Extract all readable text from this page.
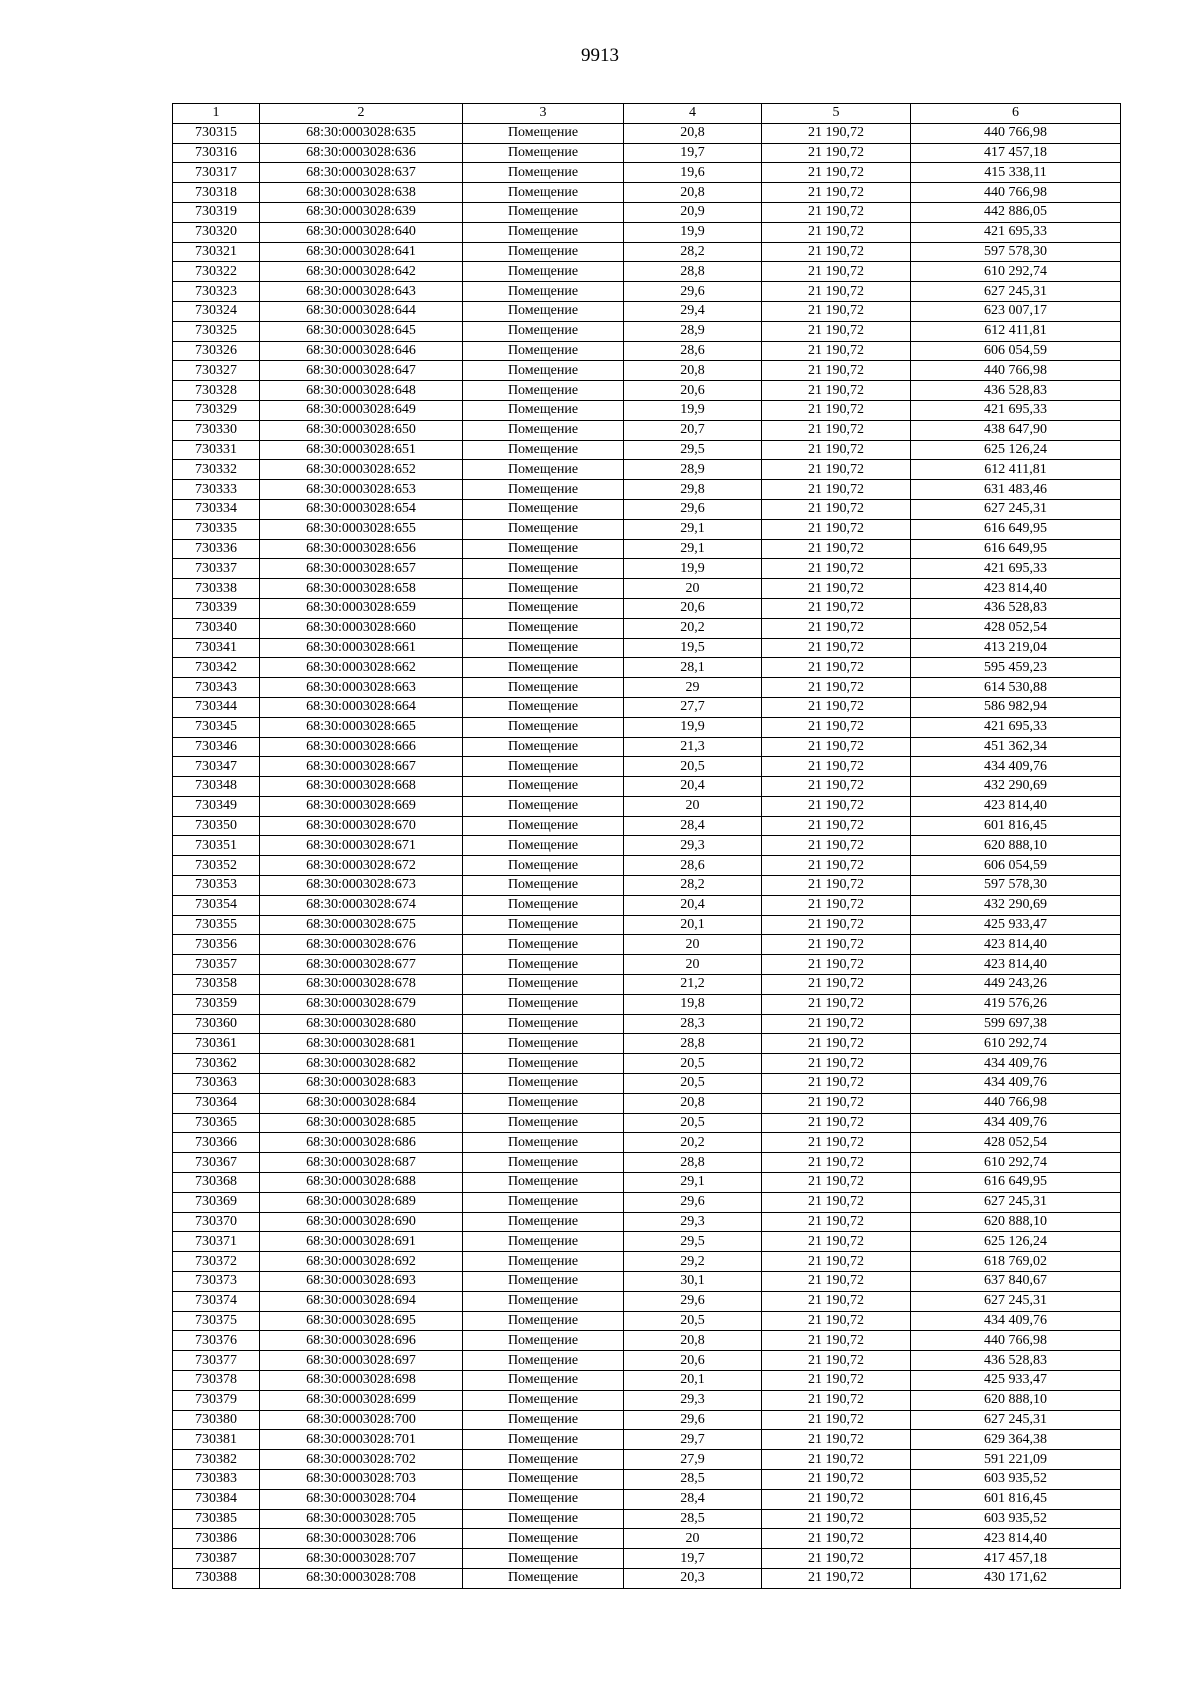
9913
1	2	3	4	5	6
730315	68:30:0003028:635	Помещение	20,8	21 190,72	440 766,98
730316	68:30:0003028:636	Помещение	19,7	21 190,72	417 457,18
730317	68:30:0003028:637	Помещение	19,6	21 190,72	415 338,11
730318	68:30:0003028:638	Помещение	20,8	21 190,72	440 766,98
730319	68:30:0003028:639	Помещение	20,9	21 190,72	442 886,05
730320	68:30:0003028:640	Помещение	19,9	21 190,72	421 695,33
730321	68:30:0003028:641	Помещение	28,2	21 190,72	597 578,30
730322	68:30:0003028:642	Помещение	28,8	21 190,72	610 292,74
730323	68:30:0003028:643	Помещение	29,6	21 190,72	627 245,31
730324	68:30:0003028:644	Помещение	29,4	21 190,72	623 007,17
730325	68:30:0003028:645	Помещение	28,9	21 190,72	612 411,81
730326	68:30:0003028:646	Помещение	28,6	21 190,72	606 054,59
730327	68:30:0003028:647	Помещение	20,8	21 190,72	440 766,98
730328	68:30:0003028:648	Помещение	20,6	21 190,72	436 528,83
730329	68:30:0003028:649	Помещение	19,9	21 190,72	421 695,33
730330	68:30:0003028:650	Помещение	20,7	21 190,72	438 647,90
730331	68:30:0003028:651	Помещение	29,5	21 190,72	625 126,24
730332	68:30:0003028:652	Помещение	28,9	21 190,72	612 411,81
730333	68:30:0003028:653	Помещение	29,8	21 190,72	631 483,46
730334	68:30:0003028:654	Помещение	29,6	21 190,72	627 245,31
730335	68:30:0003028:655	Помещение	29,1	21 190,72	616 649,95
730336	68:30:0003028:656	Помещение	29,1	21 190,72	616 649,95
730337	68:30:0003028:657	Помещение	19,9	21 190,72	421 695,33
730338	68:30:0003028:658	Помещение	20	21 190,72	423 814,40
730339	68:30:0003028:659	Помещение	20,6	21 190,72	436 528,83
730340	68:30:0003028:660	Помещение	20,2	21 190,72	428 052,54
730341	68:30:0003028:661	Помещение	19,5	21 190,72	413 219,04
730342	68:30:0003028:662	Помещение	28,1	21 190,72	595 459,23
730343	68:30:0003028:663	Помещение	29	21 190,72	614 530,88
730344	68:30:0003028:664	Помещение	27,7	21 190,72	586 982,94
730345	68:30:0003028:665	Помещение	19,9	21 190,72	421 695,33
730346	68:30:0003028:666	Помещение	21,3	21 190,72	451 362,34
730347	68:30:0003028:667	Помещение	20,5	21 190,72	434 409,76
730348	68:30:0003028:668	Помещение	20,4	21 190,72	432 290,69
730349	68:30:0003028:669	Помещение	20	21 190,72	423 814,40
730350	68:30:0003028:670	Помещение	28,4	21 190,72	601 816,45
730351	68:30:0003028:671	Помещение	29,3	21 190,72	620 888,10
730352	68:30:0003028:672	Помещение	28,6	21 190,72	606 054,59
730353	68:30:0003028:673	Помещение	28,2	21 190,72	597 578,30
730354	68:30:0003028:674	Помещение	20,4	21 190,72	432 290,69
730355	68:30:0003028:675	Помещение	20,1	21 190,72	425 933,47
730356	68:30:0003028:676	Помещение	20	21 190,72	423 814,40
730357	68:30:0003028:677	Помещение	20	21 190,72	423 814,40
730358	68:30:0003028:678	Помещение	21,2	21 190,72	449 243,26
730359	68:30:0003028:679	Помещение	19,8	21 190,72	419 576,26
730360	68:30:0003028:680	Помещение	28,3	21 190,72	599 697,38
730361	68:30:0003028:681	Помещение	28,8	21 190,72	610 292,74
730362	68:30:0003028:682	Помещение	20,5	21 190,72	434 409,76
730363	68:30:0003028:683	Помещение	20,5	21 190,72	434 409,76
730364	68:30:0003028:684	Помещение	20,8	21 190,72	440 766,98
730365	68:30:0003028:685	Помещение	20,5	21 190,72	434 409,76
730366	68:30:0003028:686	Помещение	20,2	21 190,72	428 052,54
730367	68:30:0003028:687	Помещение	28,8	21 190,72	610 292,74
730368	68:30:0003028:688	Помещение	29,1	21 190,72	616 649,95
730369	68:30:0003028:689	Помещение	29,6	21 190,72	627 245,31
730370	68:30:0003028:690	Помещение	29,3	21 190,72	620 888,10
730371	68:30:0003028:691	Помещение	29,5	21 190,72	625 126,24
730372	68:30:0003028:692	Помещение	29,2	21 190,72	618 769,02
730373	68:30:0003028:693	Помещение	30,1	21 190,72	637 840,67
730374	68:30:0003028:694	Помещение	29,6	21 190,72	627 245,31
730375	68:30:0003028:695	Помещение	20,5	21 190,72	434 409,76
730376	68:30:0003028:696	Помещение	20,8	21 190,72	440 766,98
730377	68:30:0003028:697	Помещение	20,6	21 190,72	436 528,83
730378	68:30:0003028:698	Помещение	20,1	21 190,72	425 933,47
730379	68:30:0003028:699	Помещение	29,3	21 190,72	620 888,10
730380	68:30:0003028:700	Помещение	29,6	21 190,72	627 245,31
730381	68:30:0003028:701	Помещение	29,7	21 190,72	629 364,38
730382	68:30:0003028:702	Помещение	27,9	21 190,72	591 221,09
730383	68:30:0003028:703	Помещение	28,5	21 190,72	603 935,52
730384	68:30:0003028:704	Помещение	28,4	21 190,72	601 816,45
730385	68:30:0003028:705	Помещение	28,5	21 190,72	603 935,52
730386	68:30:0003028:706	Помещение	20	21 190,72	423 814,40
730387	68:30:0003028:707	Помещение	19,7	21 190,72	417 457,18
730388	68:30:0003028:708	Помещение	20,3	21 190,72	430 171,62
